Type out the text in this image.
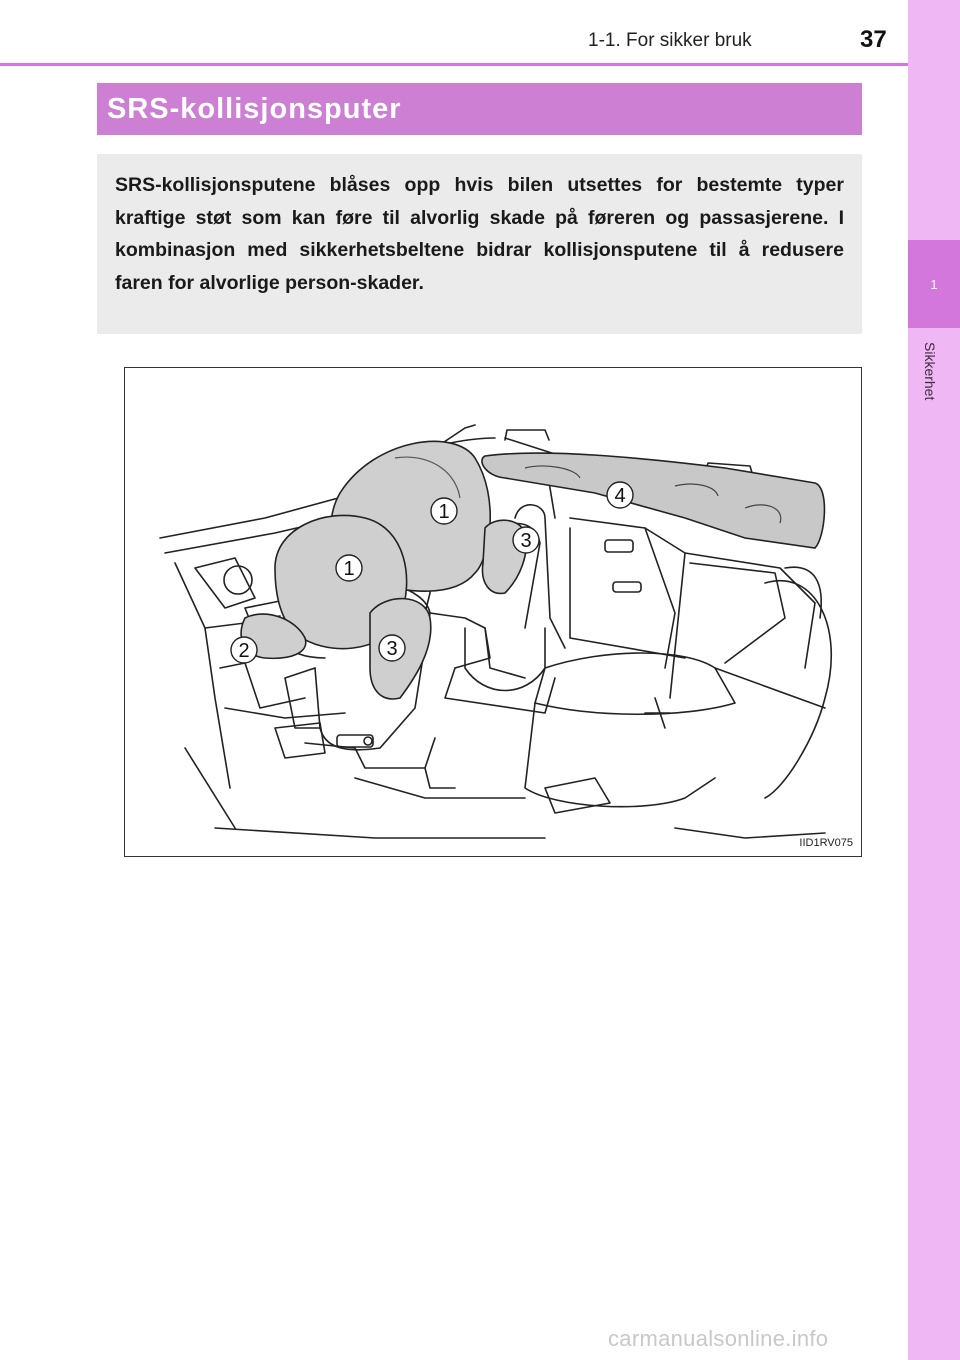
1
Sikkerhet
1-1. For sikker bruk	37
SRS-kollisjonsputer
SRS-kollisjonsputene blåses opp hvis bilen utsettes for bestemte typer kraftige støt som kan føre til alvorlig skade på føreren og passasjerene. I kombinasjon med sikkerhetsbeltene bidrar kollisjonsputene til å redusere faren for alvorlige person-skader.
1
1
2	3
3
4
IID1RV075
carmanualsonline.info
